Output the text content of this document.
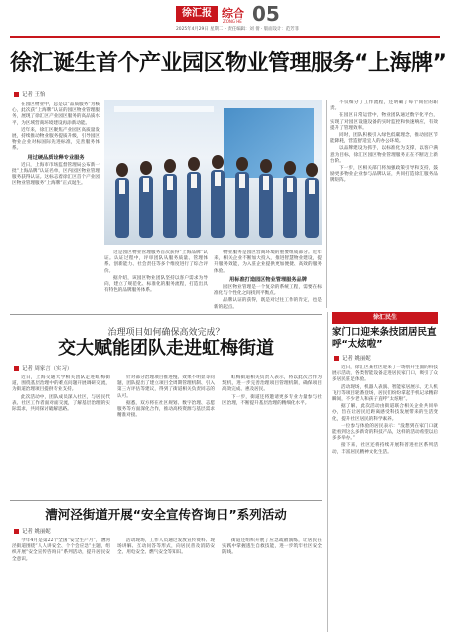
徐汇报 综合
ZONG HE 05
2025年4月29日 星期二 · 责任编辑：刘 倩 · 版面设计：范芳菲
徐汇诞生首个产业园区物业管理服务“上海牌”
记者 王怡

在园区物业中，总是以“品质服务”为核心，此次获“上海牌”认证的园区物业管理服务，展现了徐汇区产业园区服务的高品质水平，为区域营商环境建设再添新动能。

近年来，徐汇区聚焦产业园区高质量发展，持续推动物业服务提质升级，引导园区物业企业对标国际先进标准，完善服务体系。

用过硬品质诠释专业服务

近日，上海市市场监督管理局公布新一批“上海品牌”认证名单，区内园区物业管理服务获得认证。这标志着徐汇区首个产业园区物业管理服务“上海牌”正式诞生。

这是园区物业管理服务首次获得“上海品牌”认证。认证过程中，评审团队从服务质量、管理体系、创新能力、社会责任等多个维度进行了综合评价。

据介绍，该园区物业团队坚持以客户需求为导向，建立了规范化、标准化的服务流程，打造出具有特色的品牌服务体系。

物业服务是园区营商环境的重要组成部分。近年来，相关企业不断加大投入，推进智慧物业建设，提升服务效能，为入驻企业提供更加便捷、高效的服务体验。

用标准打造园区物业管理服务品牌

园区物业管理是一个复杂的系统工程，需要在标准化与个性化之间找到平衡点。

品牌认证的获得，既是对过往工作的肯定，也是新的起点。

不仅细分了工作流程，还明确了每个岗位的职责。

在园区日常运营中，物业团队通过数字化平台，实现了对园区设施设备的实时监控和快速响应，有效提升了管理效率。

同时，团队积极引入绿色低碳理念，推动园区节能降耗，营造舒适宜人的办公环境。

以品牌建设为抓手，以标准化为支撑，以客户满意为目标，徐汇区园区物业管理服务正在不断迈上新台阶。

下一步，区相关部门将加强政策引导和支持，鼓励更多物业企业参与品牌认证，共同打造徐汇服务品牌矩阵。

治理项目如何确保高效完成？
交大赋能团队走进虹梅街道
记者 周家言（实习）

近日，上海交通大学相关团队走进虹梅街道，围绕基层治理中的难点问题开展调研交流，为街道治理项目提供专业支持。

此次活动中，团队成员深入社区，与居民代表、社区工作者面对面交流，了解基层治理的实际需求，共同探讨破解思路。

针对部分治理项目推进慢、效果不明显等问题，团队提出了建立项目全周期管理机制、引入第三方评估等建议，得到了街道相关负责同志的认可。

据悉，双方将在社区规划、数字治理、志愿服务等方面深化合作，推动高校资源与基层需求精准对接。

虹梅街道相关负责人表示，将以此次合作为契机，进一步完善治理项目管理机制，确保项目高效完成、惠及居民。

下一步，街道还将邀请更多专业力量参与社区治理，不断提升基层治理的精细化水平。

徐汇民生
家门口迎来条技团居民直呼“太炫啦”
记者 姚丽妮

近日，徐汇区某社区迎来了一场别开生面的科技展示活动，各类智能设备走进居民家门口，吸引了众多居民驻足体验。

活动现场，机器人表演、智能家居展示、无人机飞行等项目轮番登场，居民们纷纷拿起手机记录精彩瞬间，不少老人和孩子直呼“太炫啦”。

据了解，此次活动由街道联合相关企业共同举办，旨在让居民近距离感受科技发展带来的生活变化，提升社区居民的科学素养。

一位参与体验的居民表示：“没想到在家门口就能看到这么多新奇的科技产品，这样的活动希望以后多多举办。”

接下来，社区还将持续开展科普进社区系列活动，丰富居民精神文化生活。

漕河泾街道开展“安全宣传咨询日”系列活动
记者 姚丽妮

今年4月是第22个全国“安全生产月”，漕河泾街道围绕“人人讲安全、个个会应急”主题，组织开展“安全宣传咨询日”系列活动，提升居民安全意识。

活动现场，工作人员通过发放宣传资料、现场讲解、互动问答等形式，向居民普及消防安全、用电安全、燃气安全等知识。

街道还组织开展了应急疏散演练，让居民在实践中掌握逃生自救技能，进一步筑牢社区安全防线。
